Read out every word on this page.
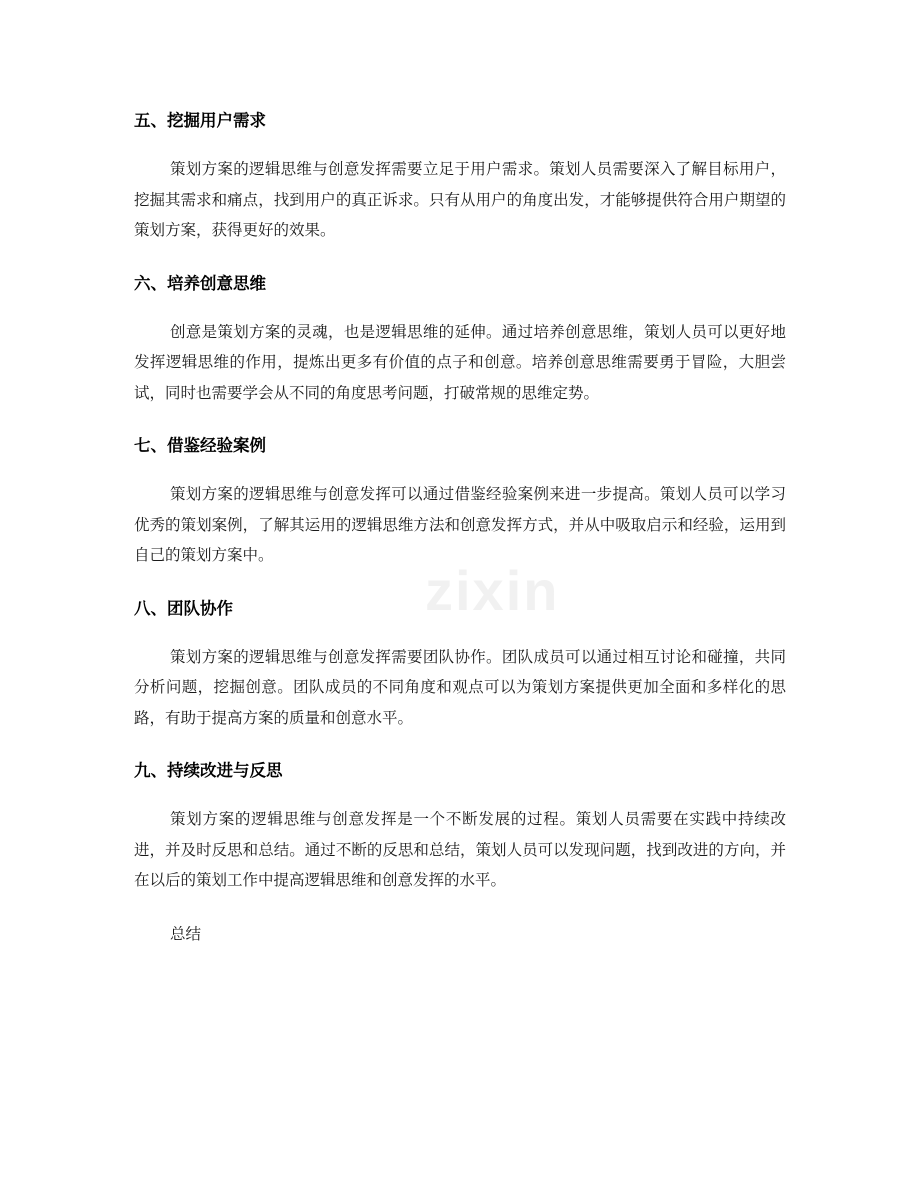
五、挖掘用户需求

策划方案的逻辑思维与创意发挥需要立足于用户需求。策划人员需要深入了解目标用户，挖掘其需求和痛点，找到用户的真正诉求。只有从用户的角度出发，才能够提供符合用户期望的策划方案，获得更好的效果。

六、培养创意思维

创意是策划方案的灵魂，也是逻辑思维的延伸。通过培养创意思维，策划人员可以更好地发挥逻辑思维的作用，提炼出更多有价值的点子和创意。培养创意思维需要勇于冒险，大胆尝试，同时也需要学会从不同的角度思考问题，打破常规的思维定势。

七、借鉴经验案例

策划方案的逻辑思维与创意发挥可以通过借鉴经验案例来进一步提高。策划人员可以学习优秀的策划案例，了解其运用的逻辑思维方法和创意发挥方式，并从中吸取启示和经验，运用到自己的策划方案中。

八、团队协作

策划方案的逻辑思维与创意发挥需要团队协作。团队成员可以通过相互讨论和碰撞，共同分析问题，挖掘创意。团队成员的不同角度和观点可以为策划方案提供更加全面和多样化的思路，有助于提高方案的质量和创意水平。

九、持续改进与反思

策划方案的逻辑思维与创意发挥是一个不断发展的过程。策划人员需要在实践中持续改进，并及时反思和总结。通过不断的反思和总结，策划人员可以发现问题，找到改进的方向，并在以后的策划工作中提高逻辑思维和创意发挥的水平。

总结

zixin
